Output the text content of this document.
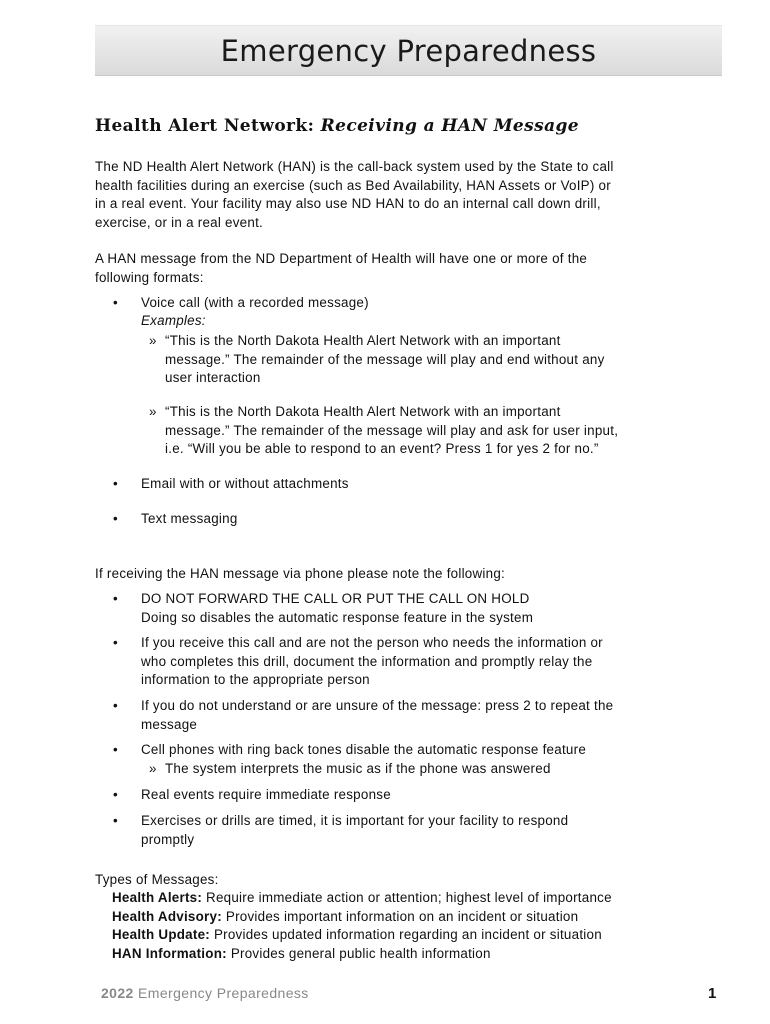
Emergency Preparedness
Health Alert Network: Receiving a HAN Message
The ND Health Alert Network (HAN) is the call-back system used by the State to call
health facilities during an exercise (such as Bed Availability, HAN Assets or VoIP) or
in a real event. Your facility may also use ND HAN to do an internal call down drill,
exercise, or in a real event.
A HAN message from the ND Department of Health will have one or more of the
following formats:
•	Voice call (with a recorded message)
Examples:
» “This is the North Dakota Health Alert Network with an important
message.” The remainder of the message will play and end without any
user interaction
» “This is the North Dakota Health Alert Network with an important
message.” The remainder of the message will play and ask for user input,
i.e. “Will you be able to respond to an event? Press 1 for yes 2 for no.”
•	Email with or without attachments
•	Text messaging
If receiving the HAN message via phone please note the following:
•	DO NOT FORWARD THE CALL OR PUT THE CALL ON HOLD
Doing so disables the automatic response feature in the system
•	If you receive this call and are not the person who needs the information or
who completes this drill, document the information and promptly relay the
information to the appropriate person
•	If you do not understand or are unsure of the message: press 2 to repeat the
message
•	Cell phones with ring back tones disable the automatic response feature
» The system interprets the music as if the phone was answered
•	Real events require immediate response
•	Exercises or drills are timed, it is important for your facility to respond
promptly
Types of Messages:
Health Alerts: Require immediate action or attention; highest level of importance
Health Advisory: Provides important information on an incident or situation
Health Update: Provides updated information regarding an incident or situation
HAN Information: Provides general public health information
2022 Emergency Preparedness	1
